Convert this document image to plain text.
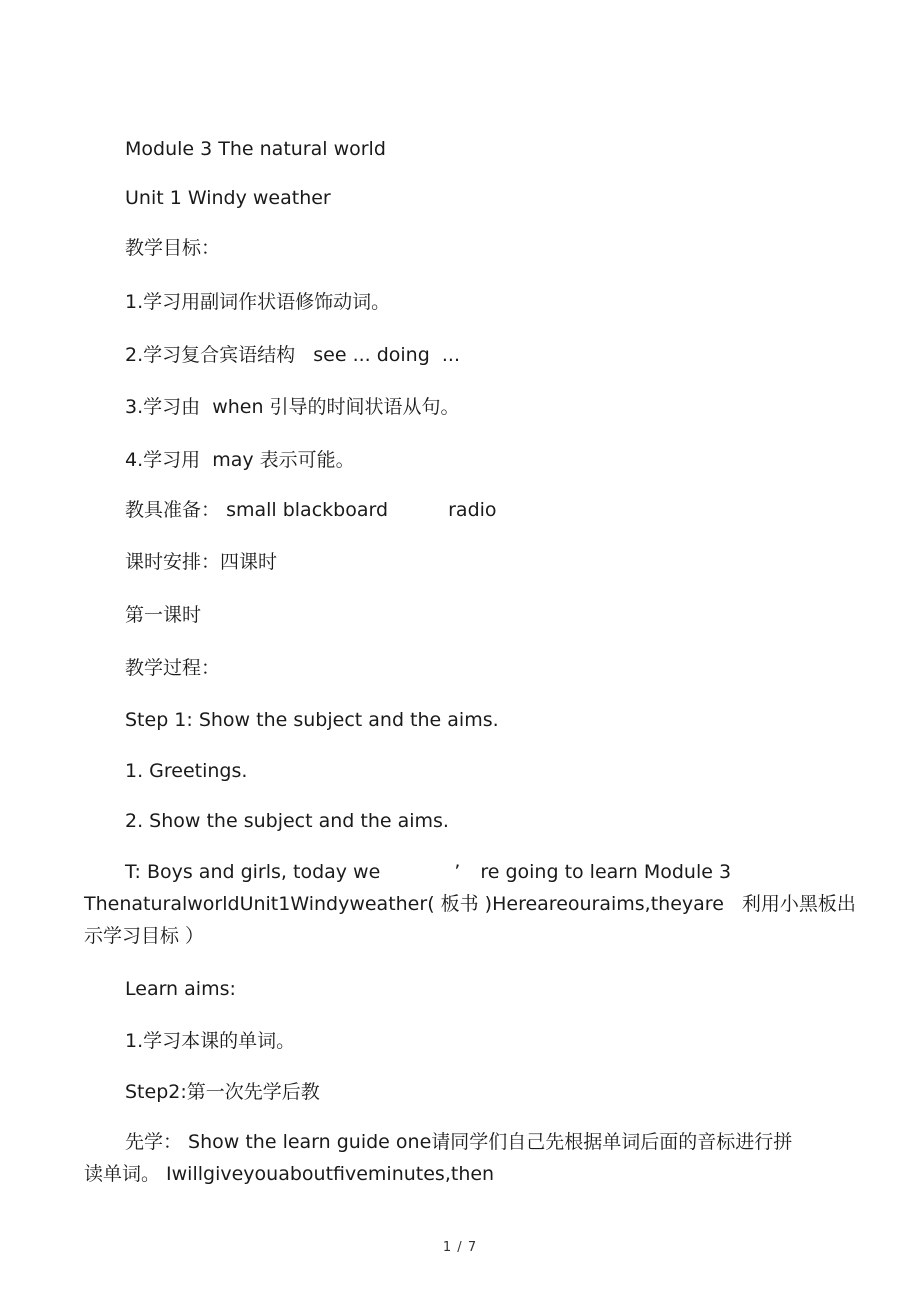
Module 3 The natural world
Unit 1 Windy weather
教学目标：
1.学习用副词作状语修饰动词。
2.学习复合宾语结构   see ... doing  ...
3.学习由  when 引导的时间状语从句。
4.学习用  may 表示可能。
教具准备： small blackboard	radio
课时安排：四课时
第一课时
教学过程：
Step 1: Show the subject and the aims.
1. Greetings.
2. Show the subject and the aims.
T: Boys and girls, today we	’ re going to learn Module 3
ThenaturalworldUnit1Windyweather( 板书 )Hereareouraims,theyare 利用小黑板出
示学习目标 ）
Learn aims:
1.学习本课的单词。
Step2:第一次先学后教
先学： Show the learn guide one请同学们自己先根据单词后面的音标进行拼
读单词。 Iwillgiveyouaboutfiveminutes,then
1 / 7
